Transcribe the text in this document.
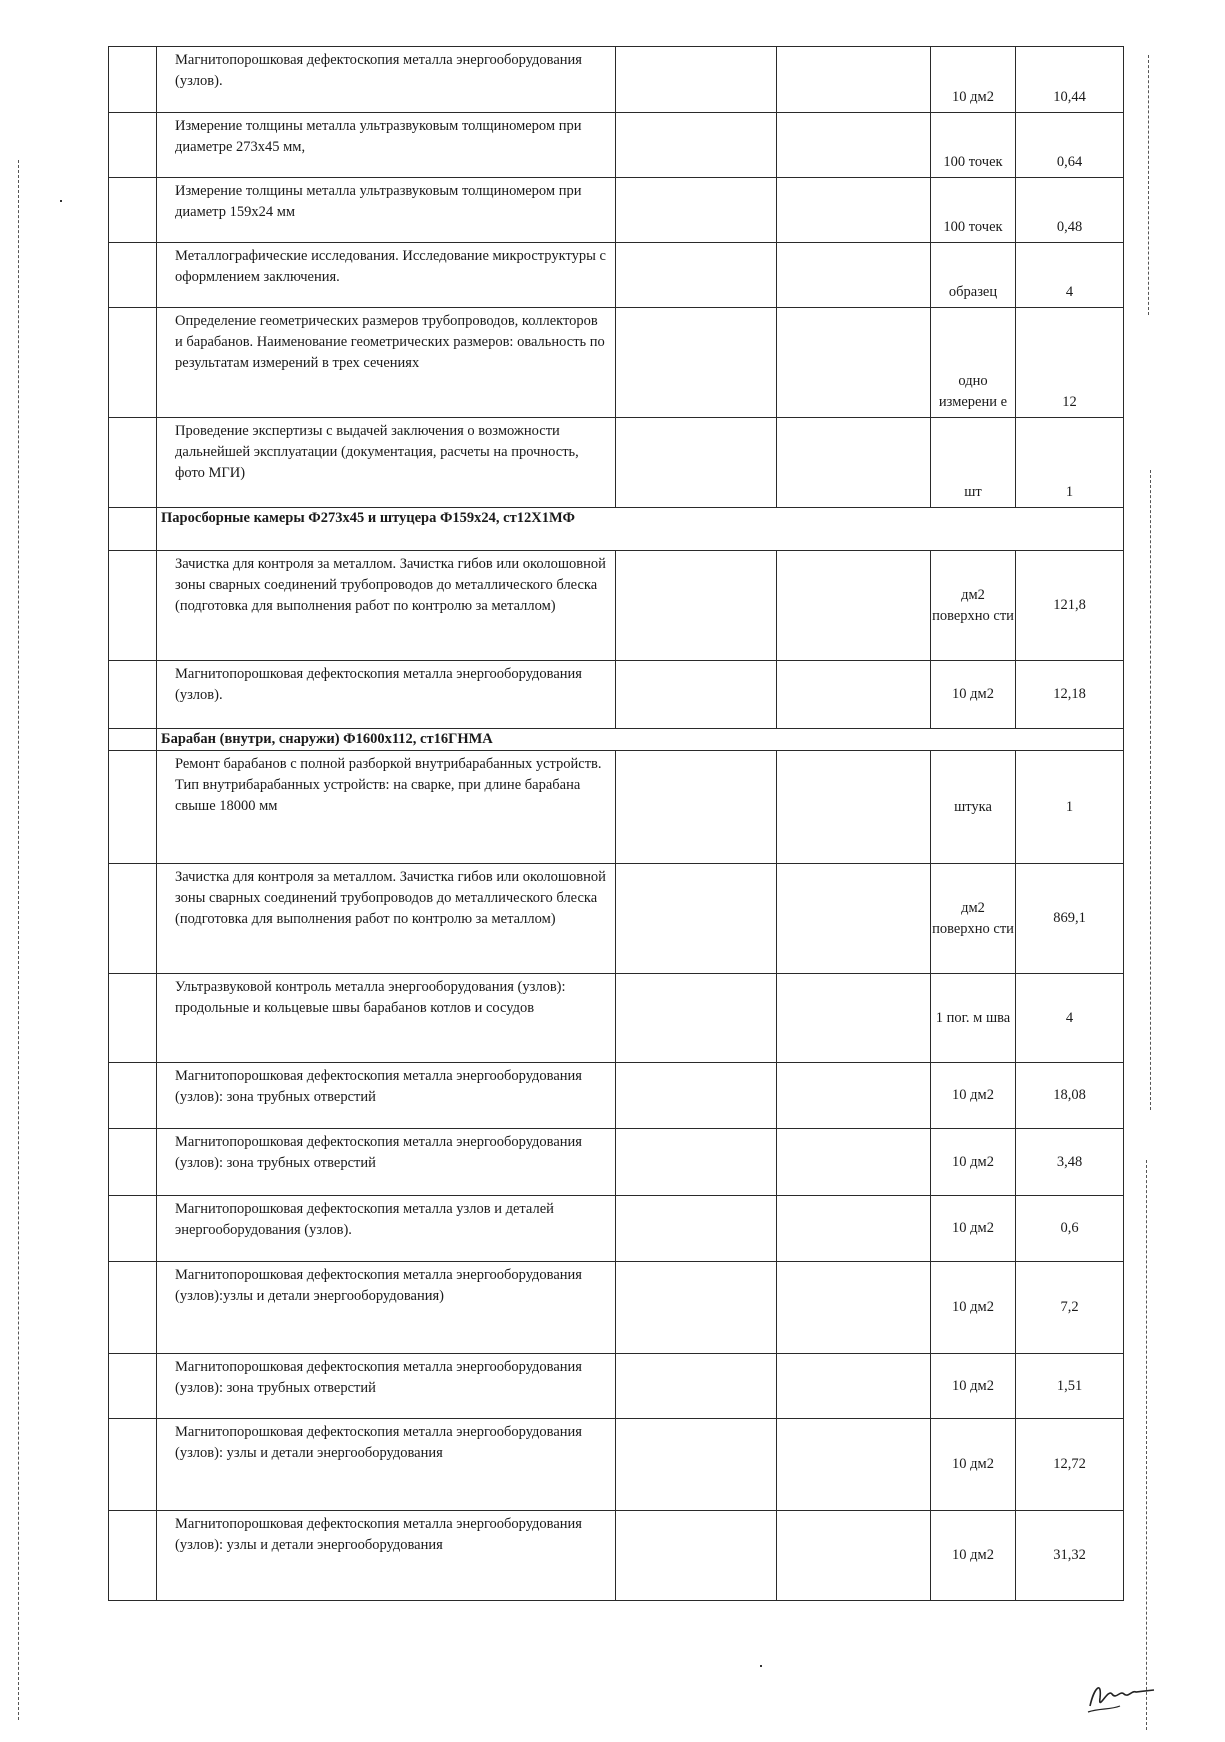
	Магнитопорошковая дефектоскопия металла энергооборудования (узлов).			10 дм2	10,44
	Измерение толщины металла ультразвуковым толщиномером при диаметре 273х45 мм,			100 точек	0,64
	Измерение толщины металла ультразвуковым толщиномером при диаметр 159х24 мм			100 точек	0,48
	Металлографические исследования. Исследование микроструктуры с оформлением заключения.			образец	4
	Определение геометрических размеров трубопроводов, коллекторов и барабанов. Наименование геометрических размеров: овальность по результатам измерений в трех сечениях			одно измерени е	12
	Проведение экспертизы с выдачей заключения о возможности дальнейшей эксплуатации (документация, расчеты на прочность, фото МГИ)			шт	1
	Паросборные камеры Ф273х45 и штуцера Ф159х24, ст12Х1МФ				
	Зачистка для контроля за металлом. Зачистка гибов или околошовной зоны сварных соединений трубопроводов до металлического блеска (подготовка для выполнения работ по контролю за металлом)			дм2 поверхно сти	121,8
	Магнитопорошковая дефектоскопия металла энергооборудования (узлов).			10 дм2	12,18
	Барабан (внутри, снаружи) Ф1600х112, ст16ГНМА				
	Ремонт барабанов с полной разборкой внутрибарабанных устройств. Тип внутрибарабанных устройств: на сварке, при длине барабана свыше 18000 мм			штука	1
	Зачистка для контроля за металлом. Зачистка гибов или околошовной зоны сварных соединений трубопроводов до металлического блеска (подготовка для выполнения работ по контролю за металлом)			дм2 поверхно сти	869,1
	Ультразвуковой контроль металла энергооборудования (узлов): продольные и кольцевые швы барабанов котлов и сосудов			1 пог. м шва	4
	Магнитопорошковая дефектоскопия металла энергооборудования (узлов): зона трубных отверстий			10 дм2	18,08
	Магнитопорошковая дефектоскопия металла энергооборудования (узлов): зона трубных отверстий			10 дм2	3,48
	Магнитопорошковая дефектоскопия металла узлов и деталей энергооборудования (узлов).			10 дм2	0,6
	Магнитопорошковая дефектоскопия металла энергооборудования (узлов):узлы и детали энергооборудования)			10 дм2	7,2
	Магнитопорошковая дефектоскопия металла энергооборудования (узлов): зона трубных отверстий			10 дм2	1,51
	Магнитопорошковая дефектоскопия металла энергооборудования (узлов): узлы и детали энергооборудования			10 дм2	12,72
	Магнитопорошковая дефектоскопия металла энергооборудования (узлов): узлы и детали энергооборудования			10 дм2	31,32
